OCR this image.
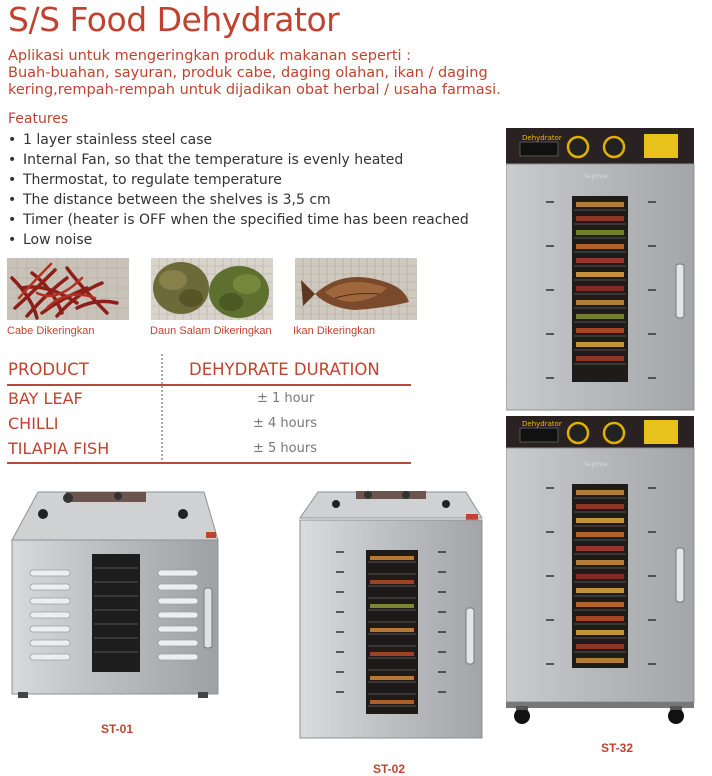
S/S Food Dehydrator
Aplikasi untuk mengeringkan produk makanan seperti :
Buah-buahan, sayuran, produk cabe, daging olahan, ikan / daging
kering,rempah-rempah untuk dijadikan obat herbal / usaha farmasi.
Features
• 1 layer stainless steel case
• Internal Fan, so that the temperature is evenly heated
• Thermostat, to regulate temperature
• The distance between the shelves is 3,5 cm
• Timer (heater is OFF when the specified time has been reached
• Low noise
Cabe Dikeringkan	Daun Salam Dikeringkan Ikan Dikeringkan
PRODUCT	DEHYDRATE DURATION
BAY LEAF	± 1 hour
CHILLI	± 4 hours
TILAPIA FISH	± 5 hours
ST-01
ST-02
Dehydrator
Septree
Dehydrator
Septree
ST-32
